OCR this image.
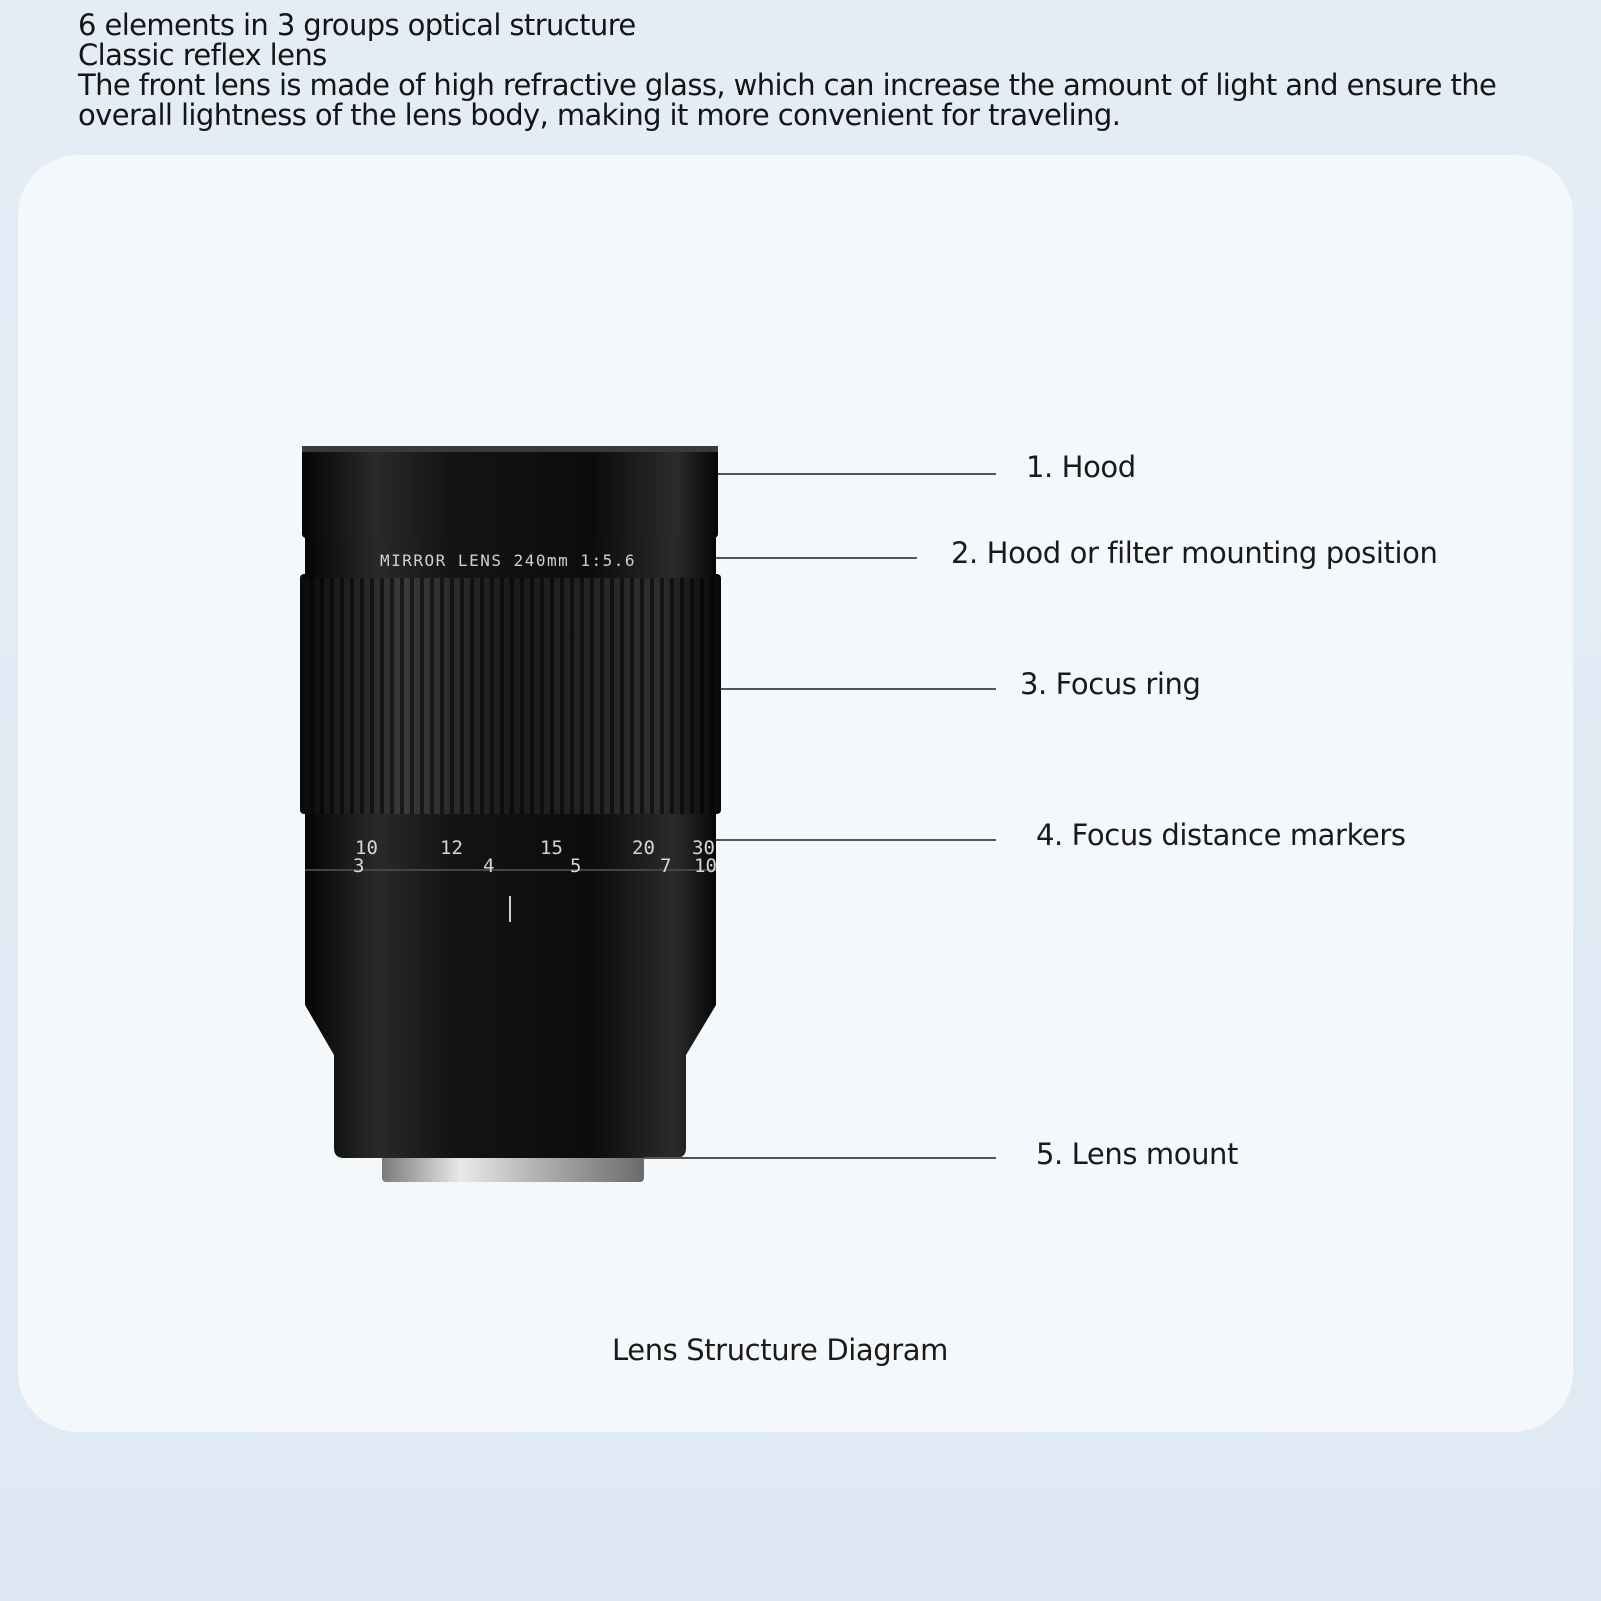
6 elements in 3 groups optical structure
Classic reflex lens
The front lens is made of high refractive glass, which can increase the amount of light and ensure the overall lightness of the lens body, making it more convenient for traveling.
10
3
12
4
15
5
20
7
30
10
MIRROR LENS 240mm 1:5.6
1. Hood
2. Hood or filter mounting position
3. Focus ring
4. Focus distance markers
5. Lens mount
Lens Structure Diagram
